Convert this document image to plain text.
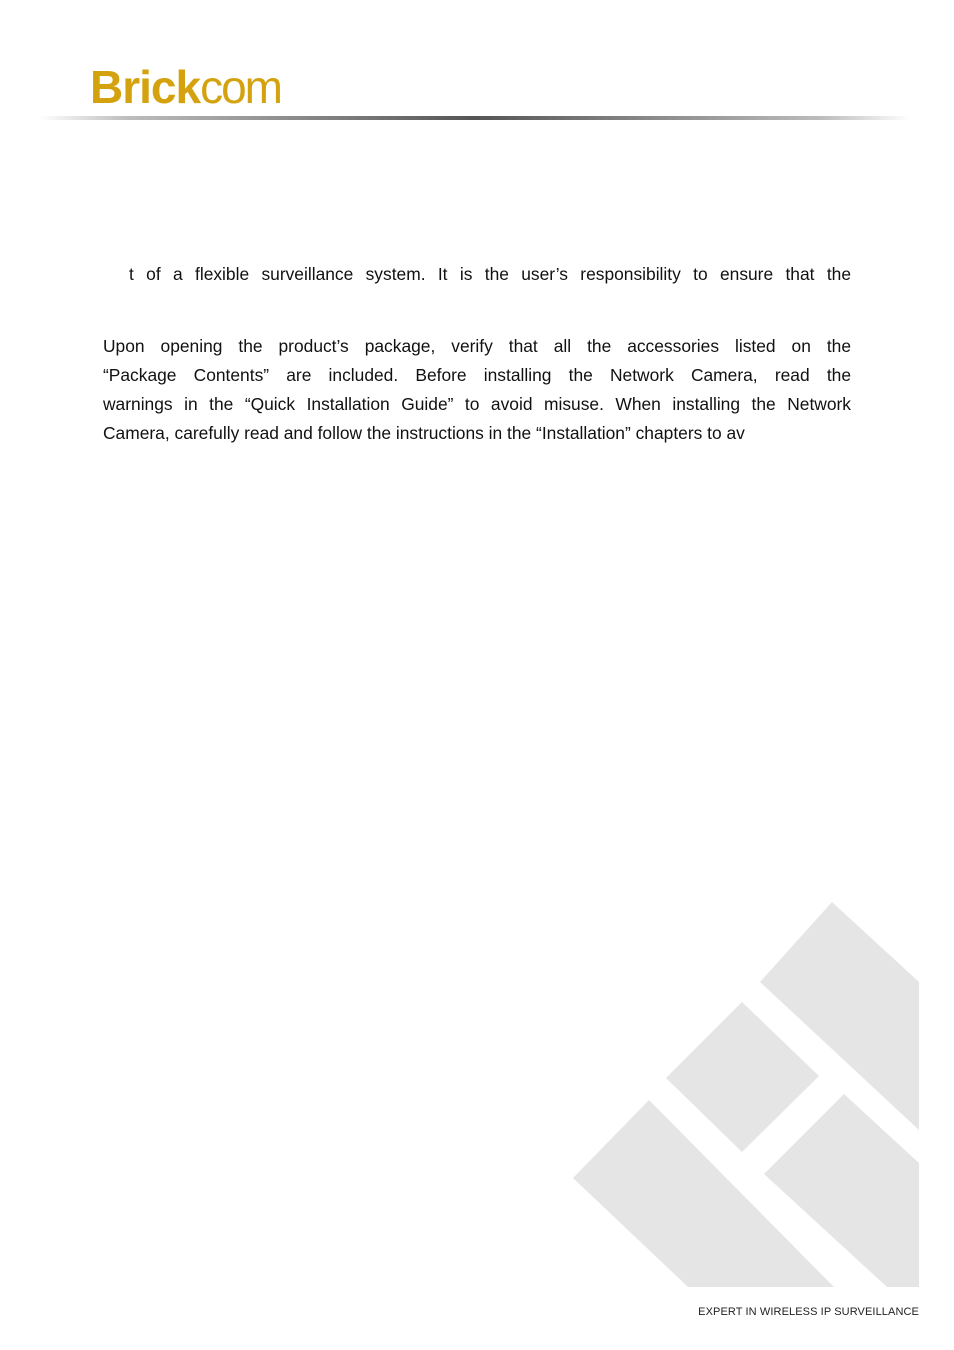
Brick com
t of a flexible surveillance system. It is the user’s responsibility to ensure that the
Upon opening the product’s package, verify that all the accessories listed on the
“Package Contents” are included. Before installing the Network Camera, read the
warnings in the “Quick Installation Guide” to avoid misuse. When installing the Network
Camera, carefully read and follow the instructions in the “Installation” chapters to av
EXPERT IN WIRELESS IP SURVEILLANCE
